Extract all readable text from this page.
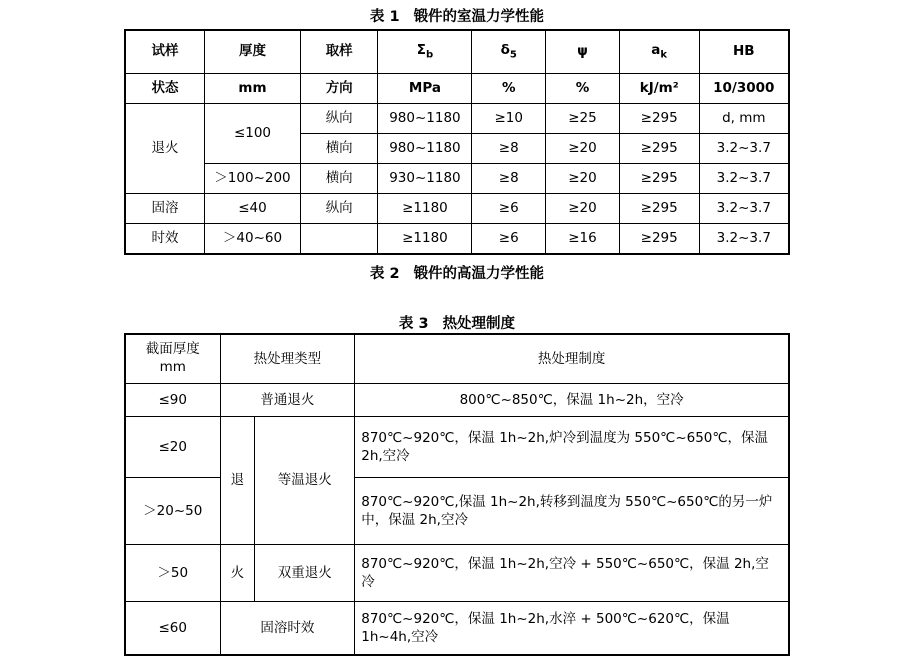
表 1 锻件的室温力学性能
试样	厚度	取样	$\Sigma_b$	$\delta_5$	ψ	$a_k$	HB

状态	mm	方向	MPa	%	%	kJ/m²	10/3000

退火	≤100	纵向	980~1180	≥10	≥25	≥295	d, mm
		横向	980~1180	≥8	≥20	≥295	3.2~3.7
	＞100~200	横向	930~1180	≥8	≥20	≥295	3.2~3.7
固溶	≤40	纵向	≥1180	≥6	≥20	≥295	3.2~3.7
时效	＞40~60		≥1180	≥6	≥16	≥295	3.2~3.7
表 2 锻件的高温力学性能
表 3 热处理制度
截面厚度
mm	热处理类型		热处理制度
≤90	普通退火		800℃~850℃，保温 1h~2h，空冷
≤20	退	等温退火	870℃~920℃，保温 1h~2h,炉冷到温度为 550℃~650℃，保温 2h,空冷
＞20~50			870℃~920℃,保温 1h~2h,转移到温度为 550℃~650℃的另一炉中，保温 2h,空冷
＞50	火	双重退火	870℃~920℃，保温 1h~2h,空冷 + 550℃~650℃，保温 2h,空冷
≤60	固溶时效		870℃~920℃，保温 1h~2h,水淬 + 500℃~620℃，保温 1h~4h,空冷
